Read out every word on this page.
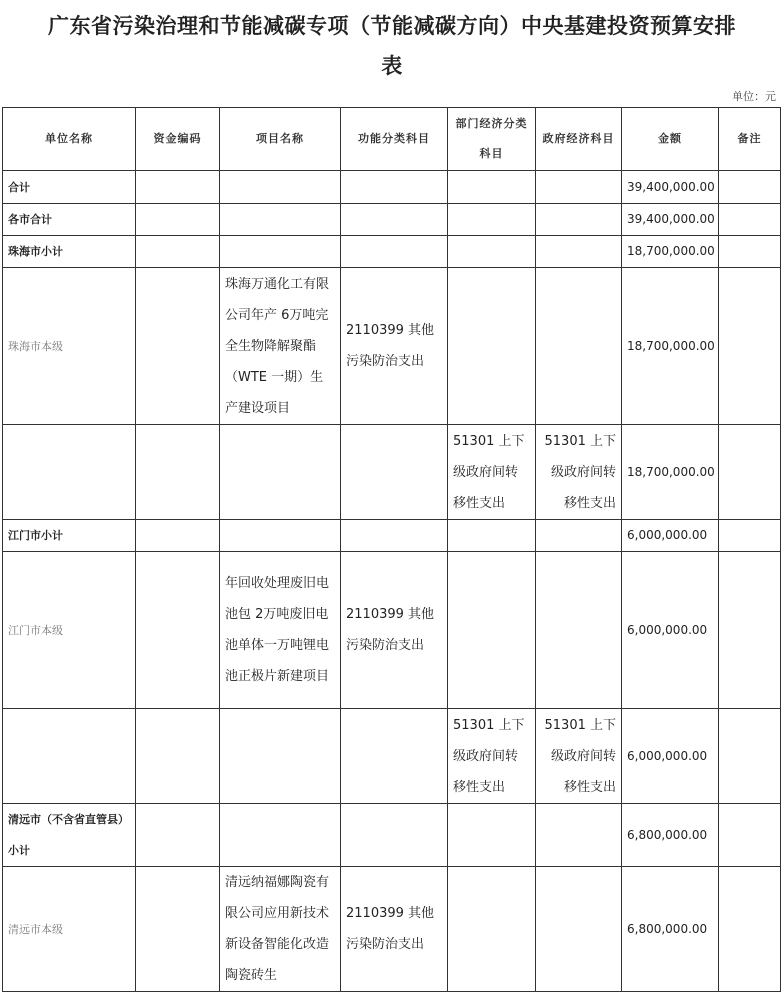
广东省污染治理和节能减碳专项（节能减碳方向）中央基建投资预算安排
表
单位：元
单位名称	资金编码	项目名称	功能分类科目	部门经济分类科目	政府经济科目	金额	备注
合计						39,400,000.00	
各市合计						39,400,000.00	
珠海市小计						18,700,000.00	
珠海市本级		珠海万通化工有限公司年产 6万吨完全生物降解聚酯（WTE 一期）生产建设项目	2110399 其他污染防治支出			18,700,000.00	
				51301 上下级政府间转移性支出	51301 上下级政府间转移性支出	18,700,000.00	
江门市小计						6,000,000.00	
江门市本级		年回收处理废旧电池包 2万吨废旧电池单体一万吨锂电池正极片新建项目	2110399 其他污染防治支出			6,000,000.00	
				51301 上下级政府间转移性支出	51301 上下级政府间转移性支出	6,000,000.00	
清远市（不含省直管县）小计						6,800,000.00	
清远市本级		清远纳福娜陶瓷有限公司应用新技术新设备智能化改造陶瓷砖生	2110399 其他污染防治支出			6,800,000.00	
